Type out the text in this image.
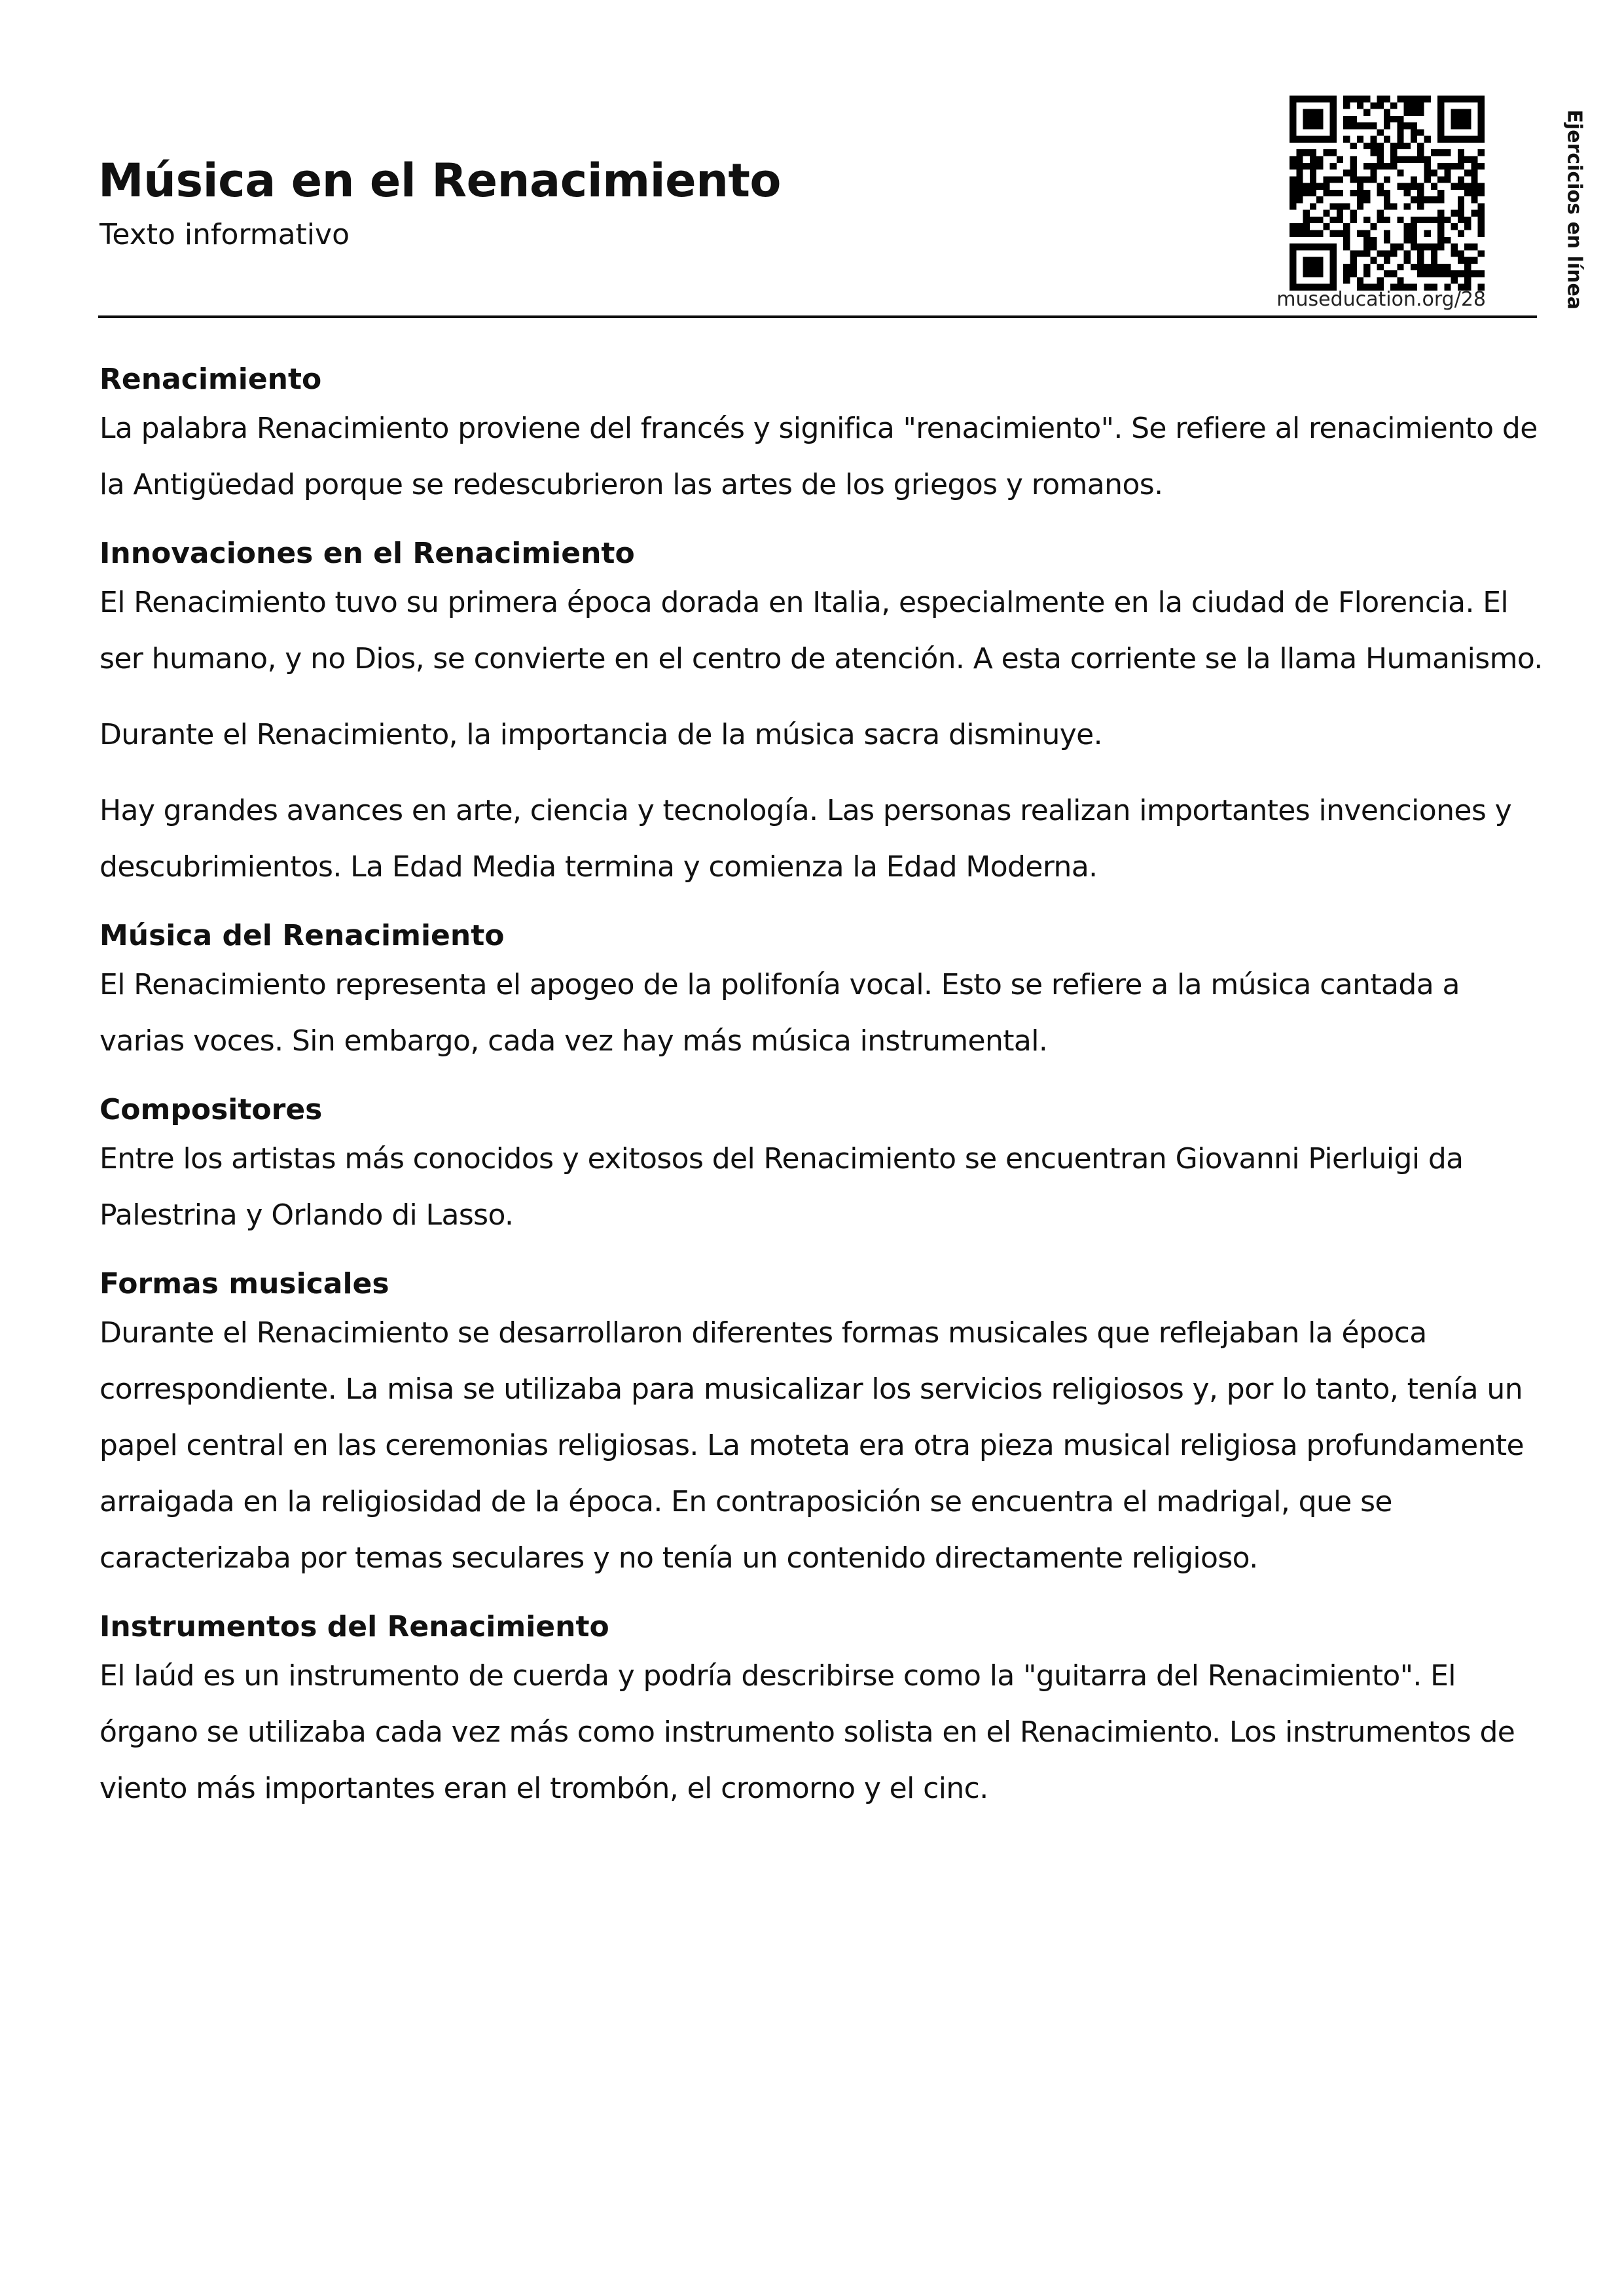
Música en el Renacimiento
Texto informativo
museducation.org/28	Ejercicios en línea
Renacimiento

La palabra Renacimiento proviene del francés y significa "renacimiento". Se refiere al renacimiento de la Antigüedad porque se redescubrieron las artes de los griegos y romanos.

Innovaciones en el Renacimiento

El Renacimiento tuvo su primera época dorada en Italia, especialmente en la ciudad de Florencia. El ser humano, y no Dios, se convierte en el centro de atención. A esta corriente se la llama Humanismo.

Durante el Renacimiento, la importancia de la música sacra disminuye.

Hay grandes avances en arte, ciencia y tecnología. Las personas realizan importantes invenciones y descubrimientos. La Edad Media termina y comienza la Edad Moderna.

Música del Renacimiento

El Renacimiento representa el apogeo de la polifonía vocal. Esto se refiere a la música cantada a varias voces. Sin embargo, cada vez hay más música instrumental.

Compositores

Entre los artistas más conocidos y exitosos del Renacimiento se encuentran Giovanni Pierluigi da Palestrina y Orlando di Lasso.

Formas musicales

Durante el Renacimiento se desarrollaron diferentes formas musicales que reflejaban la época correspondiente. La misa se utilizaba para musicalizar los servicios religiosos y, por lo tanto, tenía un papel central en las ceremonias religiosas. La moteta era otra pieza musical religiosa profundamente arraigada en la religiosidad de la época. En contraposición se encuentra el madrigal, que se caracterizaba por temas seculares y no tenía un contenido directamente religioso.

Instrumentos del Renacimiento

El laúd es un instrumento de cuerda y podría describirse como la "guitarra del Renacimiento". El órgano se utilizaba cada vez más como instrumento solista en el Renacimiento. Los instrumentos de viento más importantes eran el trombón, el cromorno y el cinc.
